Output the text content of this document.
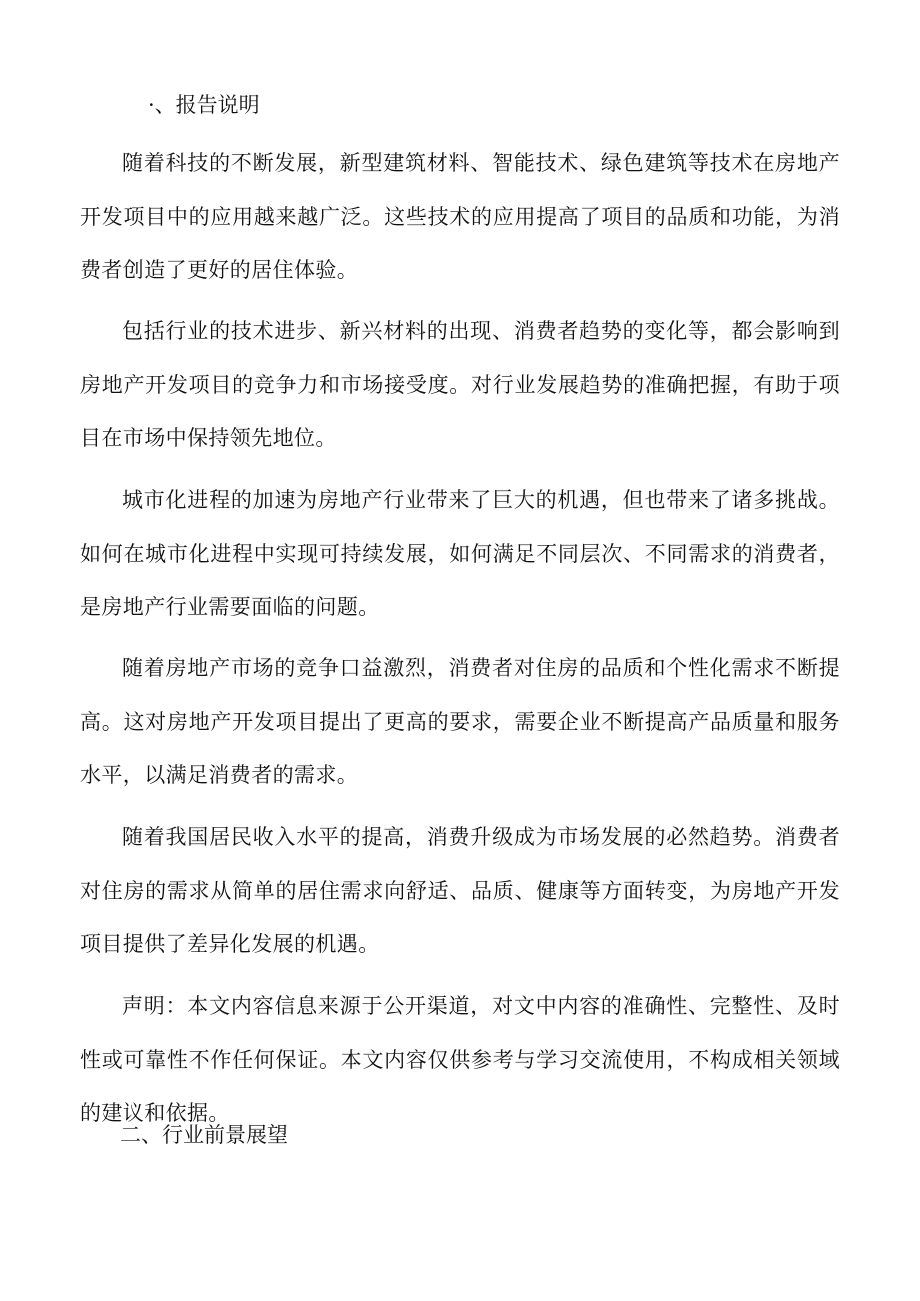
·、报告说明

随着科技的不断发展，新型建筑材料、智能技术、绿色建筑等技术在房地产开发项目中的应用越来越广泛。这些技术的应用提高了项目的品质和功能，为消费者创造了更好的居住体验。

包括行业的技术进步、新兴材料的出现、消费者趋势的变化等，都会影响到房地产开发项目的竞争力和市场接受度。对行业发展趋势的准确把握，有助于项目在市场中保持领先地位。

城市化进程的加速为房地产行业带来了巨大的机遇，但也带来了诸多挑战。如何在城市化进程中实现可持续发展，如何满足不同层次、不同需求的消费者，是房地产行业需要面临的问题。

随着房地产市场的竞争口益激烈，消费者对住房的品质和个性化需求不断提高。这对房地产开发项目提出了更高的要求，需要企业不断提高产品质量和服务水平，以满足消费者的需求。

随着我国居民收入水平的提高，消费升级成为市场发展的必然趋势。消费者对住房的需求从简单的居住需求向舒适、品质、健康等方面转变，为房地产开发项目提供了差异化发展的机遇。

声明：本文内容信息来源于公开渠道，对文中内容的准确性、完整性、及时性或可靠性不作任何保证。本文内容仅供参考与学习交流使用，不构成相关领域的建议和依据。

二、行业前景展望
